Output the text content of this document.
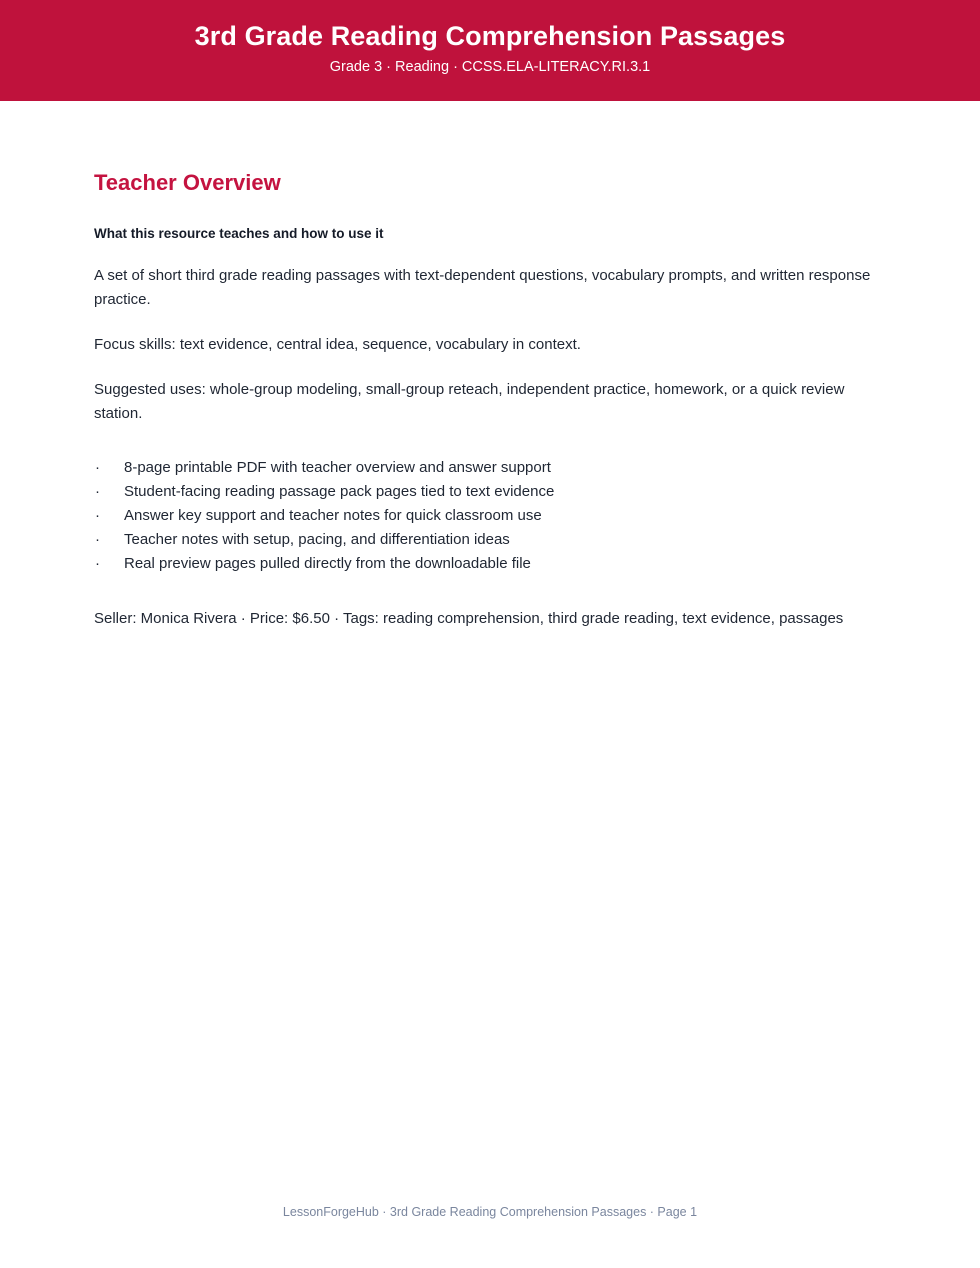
3rd Grade Reading Comprehension Passages
Grade 3 · Reading · CCSS.ELA-LITERACY.RI.3.1
Teacher Overview
What this resource teaches and how to use it

A set of short third grade reading passages with text-dependent questions, vocabulary prompts, and written response practice.

Focus skills: text evidence, central idea, sequence, vocabulary in context.

Suggested uses: whole-group modeling, small-group reteach, independent practice, homework, or a quick review station.

· 8-page printable PDF with teacher overview and answer support
· Student-facing reading passage pack pages tied to text evidence
· Answer key support and teacher notes for quick classroom use
· Teacher notes with setup, pacing, and differentiation ideas
· Real preview pages pulled directly from the downloadable file

Seller: Monica Rivera · Price: $6.50 · Tags: reading comprehension, third grade reading, text evidence, passages

LessonForgeHub · 3rd Grade Reading Comprehension Passages · Page 1
